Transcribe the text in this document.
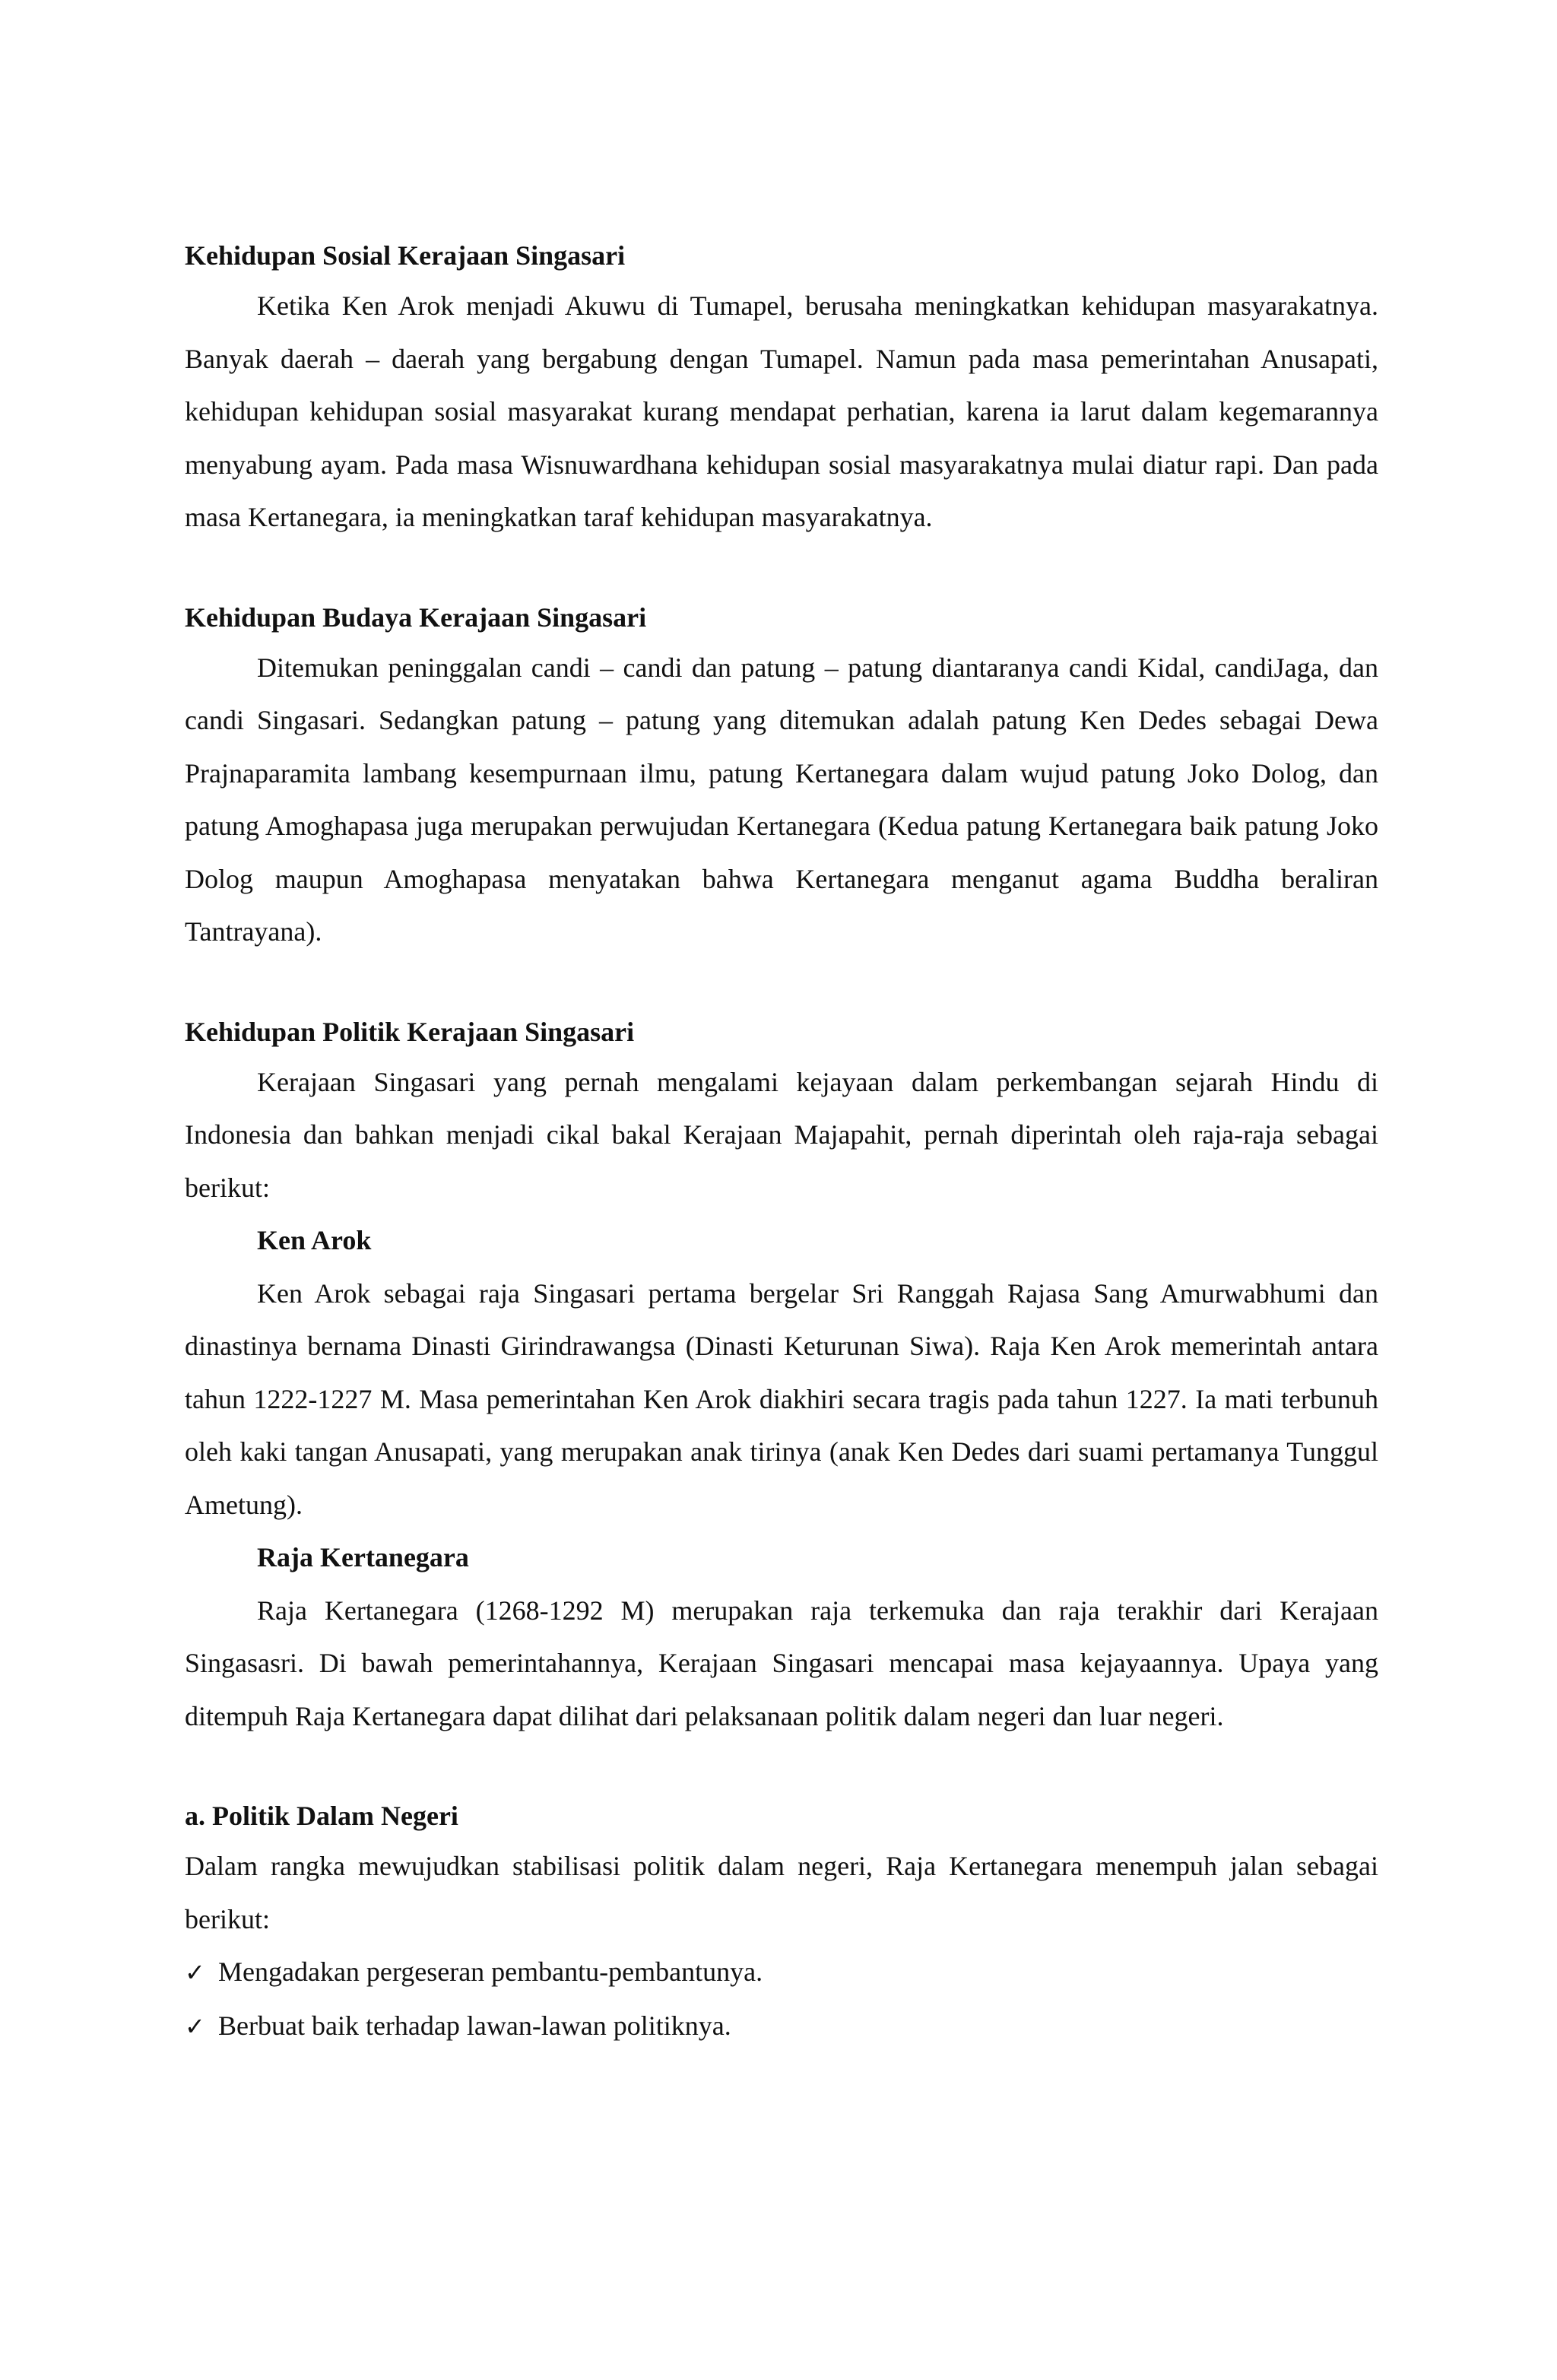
Kehidupan Sosial Kerajaan Singasari

Ketika Ken Arok menjadi Akuwu di Tumapel, berusaha meningkatkan kehidupan masyarakatnya. Banyak daerah – daerah yang bergabung dengan Tumapel. Namun pada masa pemerintahan Anusapati, kehidupan kehidupan sosial masyarakat kurang mendapat perhatian, karena ia larut dalam kegemarannya menyabung ayam. Pada masa Wisnuwardhana kehidupan sosial masyarakatnya mulai diatur rapi. Dan pada masa Kertanegara, ia meningkatkan taraf kehidupan masyarakatnya.

Kehidupan Budaya Kerajaan Singasari

Ditemukan peninggalan candi – candi dan patung – patung diantaranya candi Kidal, candiJaga, dan candi Singasari. Sedangkan patung – patung yang ditemukan adalah patung Ken Dedes sebagai Dewa Prajnaparamita lambang kesempurnaan ilmu, patung Kertanegara dalam wujud patung Joko Dolog, dan patung Amoghapasa juga merupakan perwujudan Kertanegara (Kedua patung Kertanegara baik patung Joko Dolog maupun Amoghapasa menyatakan bahwa Kertanegara menganut agama Buddha beraliran Tantrayana).

Kehidupan Politik Kerajaan Singasari

Kerajaan Singasari yang pernah mengalami kejayaan dalam perkembangan sejarah Hindu di Indonesia dan bahkan menjadi cikal bakal Kerajaan Majapahit, pernah diperintah oleh raja-raja sebagai berikut:

Ken Arok

Ken Arok sebagai raja Singasari pertama bergelar Sri Ranggah Rajasa Sang Amurwabhumi dan dinastinya bernama Dinasti Girindrawangsa (Dinasti Keturunan Siwa). Raja Ken Arok memerintah antara tahun 1222-1227 M. Masa pemerintahan Ken Arok diakhiri secara tragis pada tahun 1227. Ia mati terbunuh oleh kaki tangan Anusapati, yang merupakan anak tirinya (anak Ken Dedes dari suami pertamanya Tunggul Ametung).

Raja Kertanegara

Raja Kertanegara (1268-1292 M) merupakan raja terkemuka dan raja terakhir dari Kerajaan Singasasri. Di bawah pemerintahannya, Kerajaan Singasari mencapai masa kejayaannya. Upaya yang ditempuh Raja Kertanegara dapat dilihat dari pelaksanaan politik dalam negeri dan luar negeri.

a. Politik Dalam Negeri

Dalam rangka mewujudkan stabilisasi politik dalam negeri, Raja Kertanegara menempuh jalan sebagai berikut:

✓ Mengadakan pergeseran pembantu-pembantunya.

✓ Berbuat baik terhadap lawan-lawan politiknya.
